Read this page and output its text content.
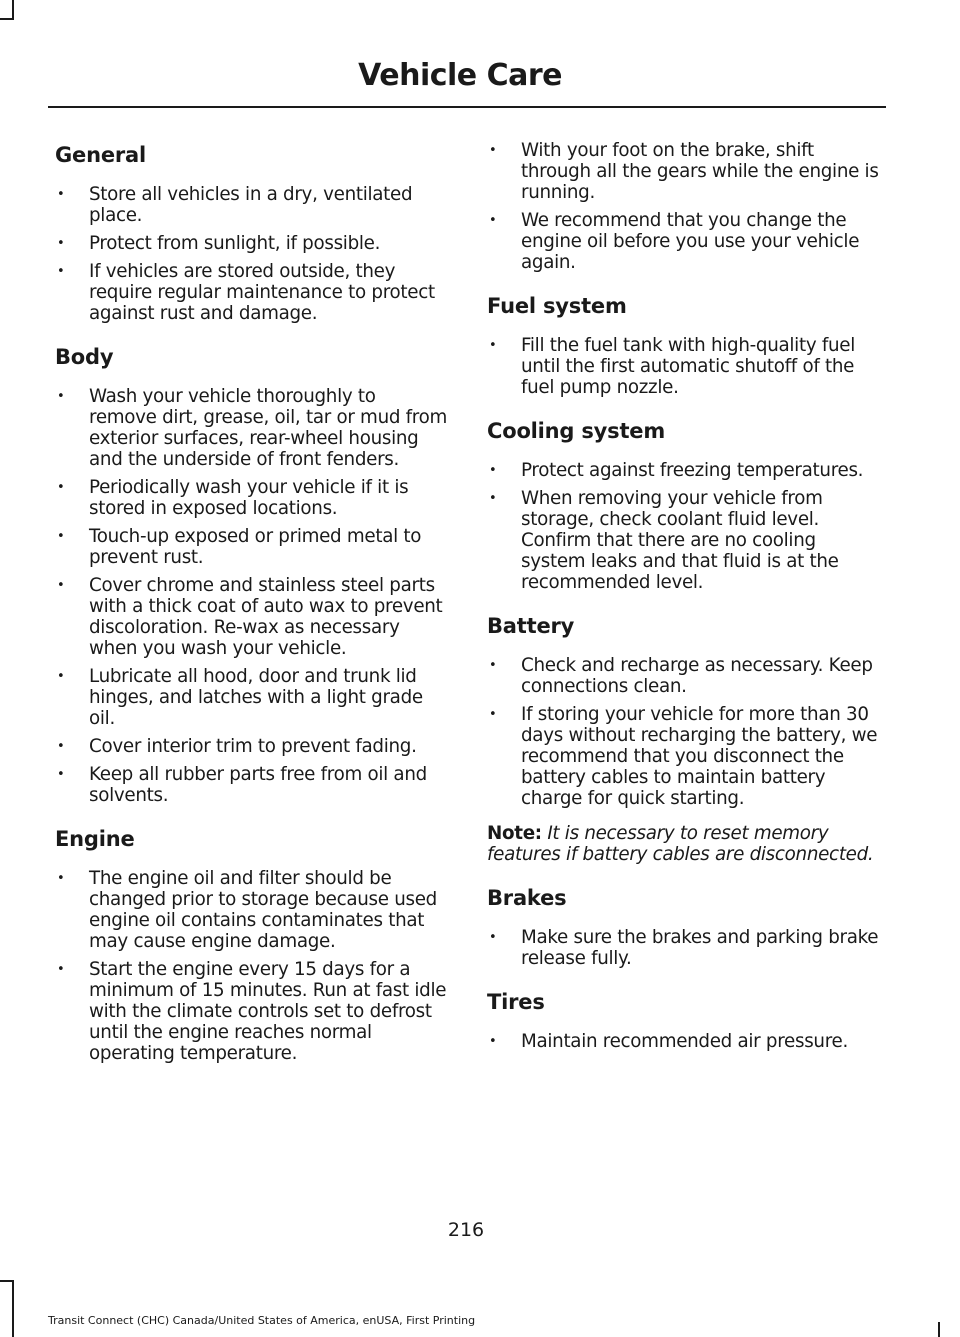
Vehicle Care
General
• Store all vehicles in a dry, ventilated place.
• Protect from sunlight, if possible.
• If vehicles are stored outside, they require regular maintenance to protect against rust and damage.
Body
• Wash your vehicle thoroughly to remove dirt, grease, oil, tar or mud from exterior surfaces, rear-wheel housing and the underside of front fenders.
• Periodically wash your vehicle if it is stored in exposed locations.
• Touch-up exposed or primed metal to prevent rust.
• Cover chrome and stainless steel parts with a thick coat of auto wax to prevent discoloration. Re-wax as necessary when you wash your vehicle.
• Lubricate all hood, door and trunk lid hinges, and latches with a light grade oil.
• Cover interior trim to prevent fading.
• Keep all rubber parts free from oil and solvents.
Engine
• The engine oil and filter should be changed prior to storage because used engine oil contains contaminates that may cause engine damage.
• Start the engine every 15 days for a minimum of 15 minutes. Run at fast idle with the climate controls set to defrost until the engine reaches normal operating temperature.
• With your foot on the brake, shift through all the gears while the engine is running.
• We recommend that you change the engine oil before you use your vehicle again.
Fuel system
• Fill the fuel tank with high-quality fuel until the first automatic shutoff of the fuel pump nozzle.
Cooling system
• Protect against freezing temperatures.
• When removing your vehicle from storage, check coolant fluid level. Confirm that there are no cooling system leaks and that fluid is at the recommended level.
Battery
• Check and recharge as necessary. Keep connections clean.
• If storing your vehicle for more than 30 days without recharging the battery, we recommend that you disconnect the battery cables to maintain battery charge for quick starting.

Note: It is necessary to reset memory features if battery cables are disconnected.

Brakes
• Make sure the brakes and parking brake release fully.
Tires
• Maintain recommended air pressure.
216
Transit Connect (CHC) Canada/United States of America, enUSA, First Printing
